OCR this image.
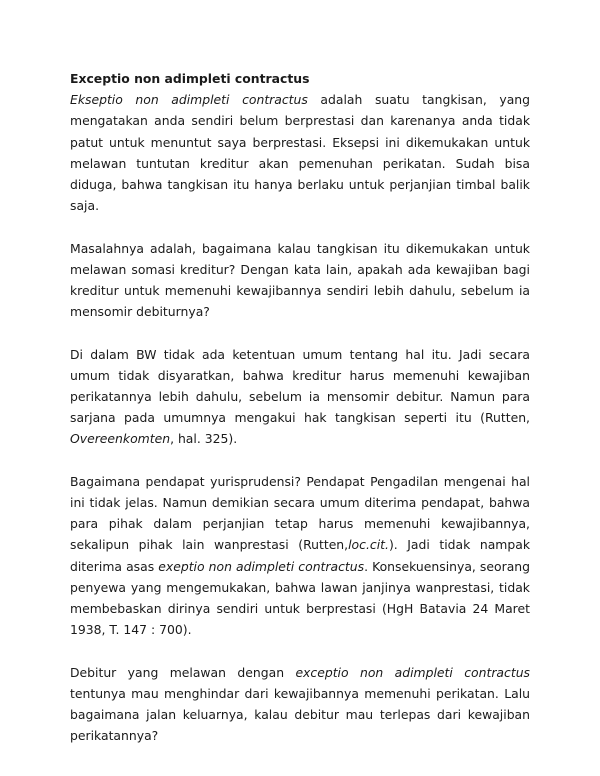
Exceptio non adimpleti contractus

Ekseptio non adimpleti contractus adalah suatu tangkisan, yang mengatakan anda sendiri belum berprestasi dan karenanya anda tidak patut untuk menuntut saya berprestasi. Eksepsi ini dikemukakan untuk melawan tuntutan kreditur akan pemenuhan perikatan. Sudah bisa diduga, bahwa tangkisan itu hanya berlaku untuk perjanjian timbal balik saja.

Masalahnya adalah, bagaimana kalau tangkisan itu dikemukakan untuk melawan somasi kreditur? Dengan kata lain, apakah ada kewajiban bagi kreditur untuk memenuhi kewajibannya sendiri lebih dahulu, sebelum ia mensomir debiturnya?

Di dalam BW tidak ada ketentuan umum tentang hal itu. Jadi secara umum tidak disyaratkan, bahwa kreditur harus memenuhi kewajiban perikatannya lebih dahulu, sebelum ia mensomir debitur. Namun para sarjana pada umumnya mengakui hak tangkisan seperti itu (Rutten, Overeenkomten, hal. 325).

Bagaimana pendapat yurisprudensi? Pendapat Pengadilan mengenai hal ini tidak jelas. Namun demikian secara umum diterima pendapat, bahwa para pihak dalam perjanjian tetap harus memenuhi kewajibannya, sekalipun pihak lain wanprestasi (Rutten,loc.cit.). Jadi tidak nampak diterima asas exeptio non adimpleti contractus. Konsekuensinya, seorang penyewa yang mengemukakan, bahwa lawan janjinya wanprestasi, tidak membebaskan dirinya sendiri untuk berprestasi (HgH Batavia 24 Maret 1938, T. 147 : 700).

Debitur yang melawan dengan exceptio non adimpleti contractus tentunya mau menghindar dari kewajibannya memenuhi perikatan. Lalu bagaimana jalan keluarnya, kalau debitur mau terlepas dari kewajiban perikatannya?
